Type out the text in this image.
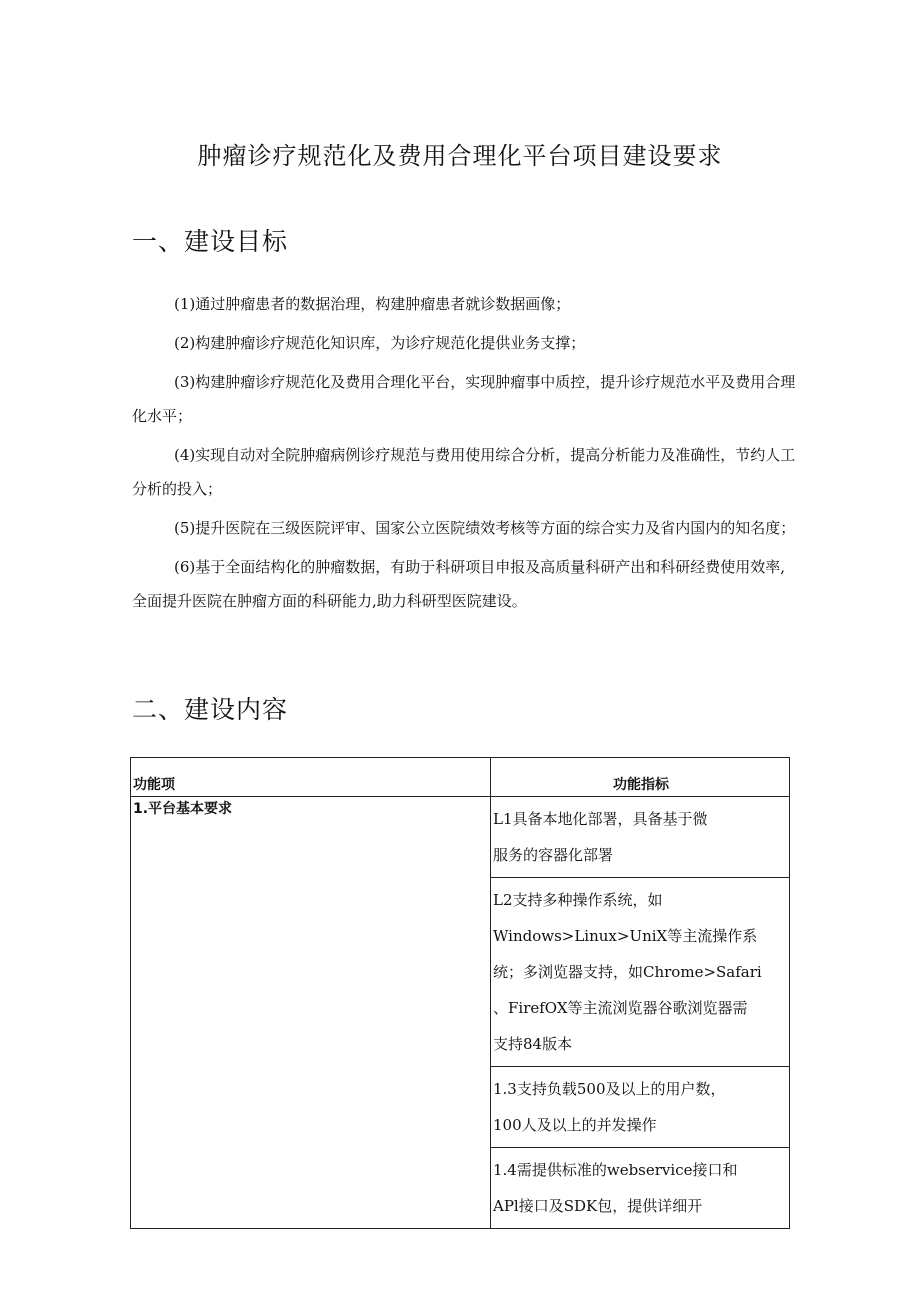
肿瘤诊疗规范化及费用合理化平台项目建设要求
一、建设目标

(1)通过肿瘤患者的数据治理，构建肿瘤患者就诊数据画像；

(2)构建肿瘤诊疗规范化知识库，为诊疗规范化提供业务支撑；

(3)构建肿瘤诊疗规范化及费用合理化平台，实现肿瘤事中质控，提升诊疗规范水平及费用合理化水平；

(4)实现自动对全院肿瘤病例诊疗规范与费用使用综合分析，提高分析能力及准确性，节约人工分析的投入；

(5)提升医院在三级医院评审、国家公立医院绩效考核等方面的综合实力及省内国内的知名度；

(6)基于全面结构化的肿瘤数据，有助于科研项目申报及高质量科研产出和科研经费使用效率,全面提升医院在肿瘤方面的科研能力,助力科研型医院建设。

二、建设内容
功能项	功能指标
1.平台基本要求	L1具备本地化部署，具备基于微
服务的容器化部署

	L2支持多种操作系统，如
Windows>Linux>UniX等主流操作系
统；多浏览器支持，如Chrome>Safari
、FirefOX等主流浏览器谷歌浏览器需
支持84版本

	1.3支持负载500及以上的用户数，
100人及以上的并发操作

	1.4需提供标准的webservice接口和
APl接口及SDK包，提供详细开
